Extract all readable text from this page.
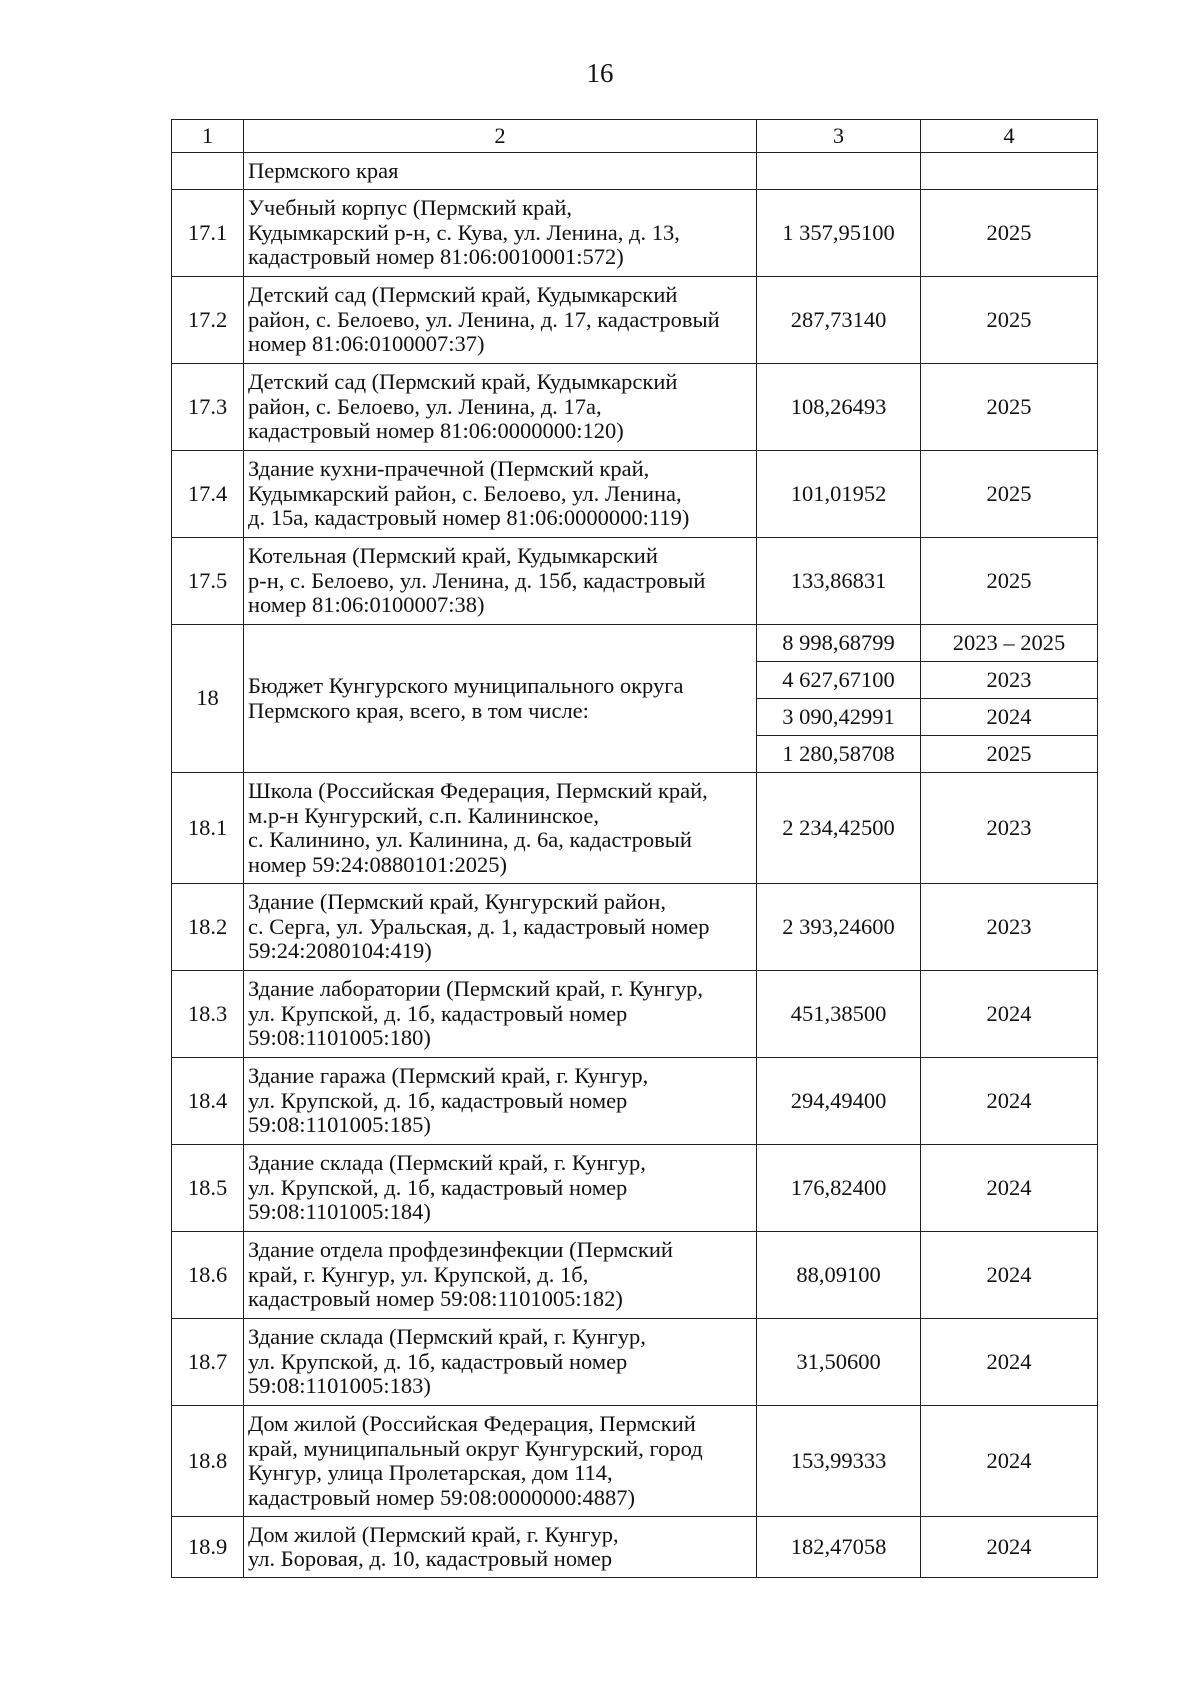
16
1	2	3	4
	Пермского края		
17.1	Учебный корпус (Пермский край,
Кудымкарский р-н, с. Кува, ул. Ленина, д. 13,
кадастровый номер 81:06:0010001:572)	1 357,95100	2025
17.2	Детский сад (Пермский край, Кудымкарский
район, с. Белоево, ул. Ленина, д. 17, кадастровый
номер 81:06:0100007:37)	287,73140	2025
17.3	Детский сад (Пермский край, Кудымкарский
район, с. Белоево, ул. Ленина, д. 17а,
кадастровый номер 81:06:0000000:120)	108,26493	2025
17.4	Здание кухни-прачечной (Пермский край,
Кудымкарский район, с. Белоево, ул. Ленина,
д. 15а, кадастровый номер 81:06:0000000:119)	101,01952	2025
17.5	Котельная (Пермский край, Кудымкарский
р-н, с. Белоево, ул. Ленина, д. 15б, кадастровый
номер 81:06:0100007:38)	133,86831	2025
18	Бюджет Кунгурского муниципального округа
Пермского края, всего, в том числе:	8 998,68799	2023 – 2025
		4 627,67100	2023
		3 090,42991	2024
		1 280,58708	2025
18.1	Школа (Российская Федерация, Пермский край,
м.р-н Кунгурский, с.п. Калининское,
с. Калинино, ул. Калинина, д. 6а, кадастровый
номер 59:24:0880101:2025)	2 234,42500	2023
18.2	Здание (Пермский край, Кунгурский район,
с. Серга, ул. Уральская, д. 1, кадастровый номер
59:24:2080104:419)	2 393,24600	2023
18.3	Здание лаборатории (Пермский край, г. Кунгур,
ул. Крупской, д. 1б, кадастровый номер
59:08:1101005:180)	451,38500	2024
18.4	Здание гаража (Пермский край, г. Кунгур,
ул. Крупской, д. 1б, кадастровый номер
59:08:1101005:185)	294,49400	2024
18.5	Здание склада (Пермский край, г. Кунгур,
ул. Крупской, д. 1б, кадастровый номер
59:08:1101005:184)	176,82400	2024
18.6	Здание отдела профдезинфекции (Пермский
край, г. Кунгур, ул. Крупской, д. 1б,
кадастровый номер 59:08:1101005:182)	88,09100	2024
18.7	Здание склада (Пермский край, г. Кунгур,
ул. Крупской, д. 1б, кадастровый номер
59:08:1101005:183)	31,50600	2024
18.8	Дом жилой (Российская Федерация, Пермский
край, муниципальный округ Кунгурский, город
Кунгур, улица Пролетарская, дом 114,
кадастровый номер 59:08:0000000:4887)	153,99333	2024
18.9	Дом жилой (Пермский край, г. Кунгур,
ул. Боровая, д. 10, кадастровый номер	182,47058	2024
